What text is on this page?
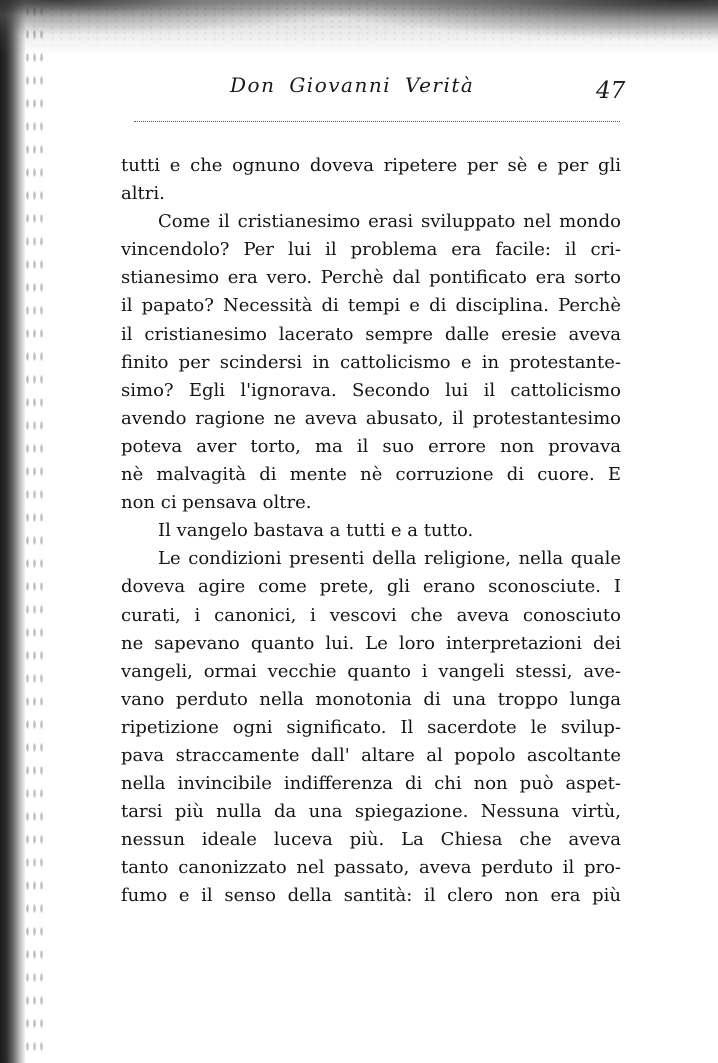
Don Giovanni Verità	47
tutti e che ognuno doveva ripetere per sè e per gli
altri.
Come il cristianesimo erasi sviluppato nel mondo
vincendolo? Per lui il problema era facile: il cri-
stianesimo era vero. Perchè dal pontificato era sorto
il papato? Necessità di tempi e di disciplina. Perchè
il cristianesimo lacerato sempre dalle eresie aveva
finito per scindersi in cattolicismo e in protestante-
simo? Egli l'ignorava. Secondo lui il cattolicismo
avendo ragione ne aveva abusato, il protestantesimo
poteva aver torto, ma il suo errore non provava
nè malvagità di mente nè corruzione di cuore. E
non ci pensava oltre.
Il vangelo bastava a tutti e a tutto.
Le condizioni presenti della religione, nella quale
doveva agire come prete, gli erano sconosciute. I
curati, i canonici, i vescovi che aveva conosciuto
ne sapevano quanto lui. Le loro interpretazioni dei
vangeli, ormai vecchie quanto i vangeli stessi, ave-
vano perduto nella monotonia di una troppo lunga
ripetizione ogni significato. Il sacerdote le svilup-
pava straccamente dall' altare al popolo ascoltante
nella invincibile indifferenza di chi non può aspet-
tarsi più nulla da una spiegazione. Nessuna virtù,
nessun ideale luceva più. La Chiesa che aveva
tanto canonizzato nel passato, aveva perduto il pro-
fumo e il senso della santità: il clero non era più
